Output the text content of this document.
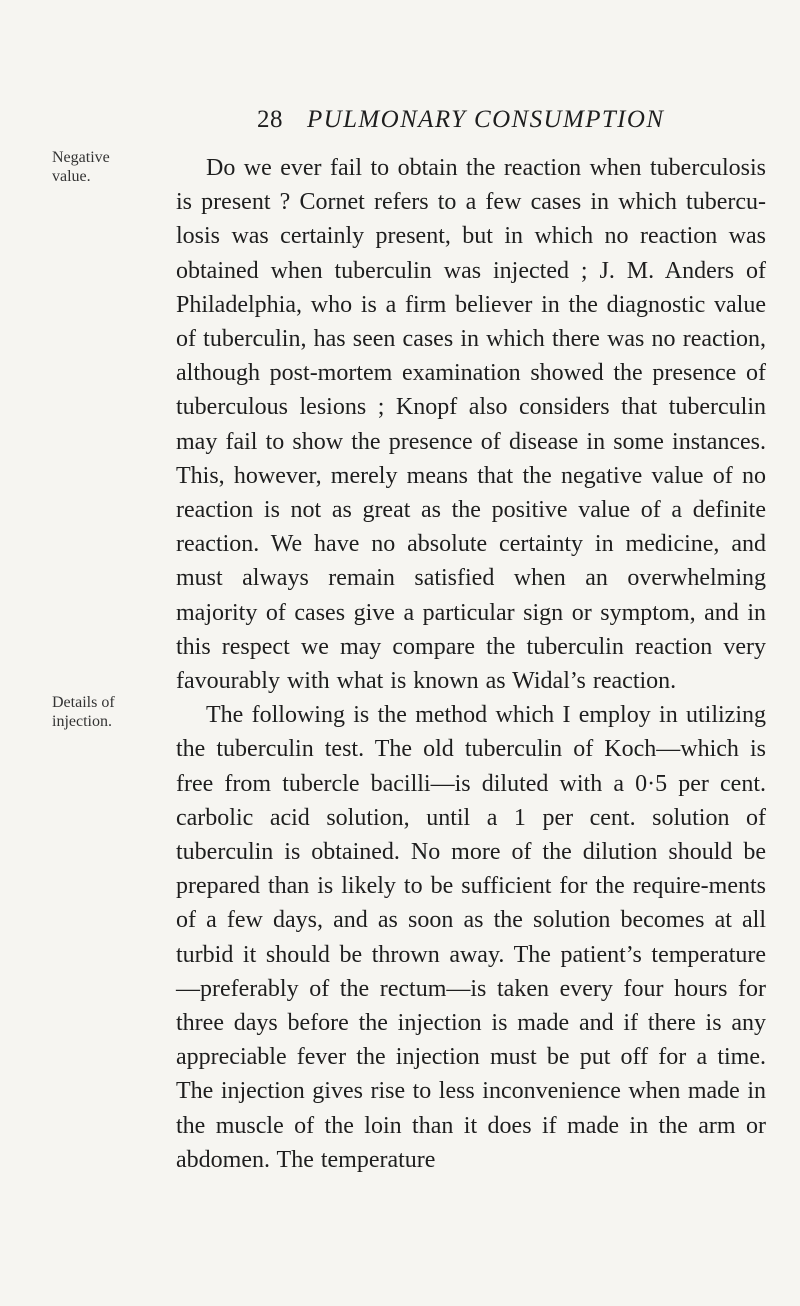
28 PULMONARY CONSUMPTION
Negative
value.
Details of
injection.

Do we ever fail to obtain the reaction when tuberculosis is present ? Cornet refers to a few cases in which tubercu-losis was certainly present, but in which no reaction was obtained when tuberculin was injected ; J. M. Anders of Philadelphia, who is a firm believer in the diagnostic value of tuberculin, has seen cases in which there was no reaction, although post-mortem examination showed the presence of tuberculous lesions ; Knopf also considers that tuberculin may fail to show the presence of disease in some instances. This, however, merely means that the negative value of no reaction is not as great as the positive value of a definite reaction. We have no absolute certainty in medicine, and must always remain satisfied when an overwhelming majority of cases give a particular sign or symptom, and in this respect we may compare the tuberculin reaction very favourably with what is known as Widal’s reaction.

The following is the method which I employ in utilizing the tuberculin test. The old tuberculin of Koch—which is free from tubercle bacilli—is diluted with a 0·5 per cent. carbolic acid solution, until a 1 per cent. solution of tuberculin is obtained. No more of the dilution should be prepared than is likely to be sufficient for the require-ments of a few days, and as soon as the solution becomes at all turbid it should be thrown away. The patient’s temperature—preferably of the rectum—is taken every four hours for three days before the injection is made and if there is any appreciable fever the injection must be put off for a time. The injection gives rise to less inconvenience when made in the muscle of the loin than it does if made in the arm or abdomen. The temperature
